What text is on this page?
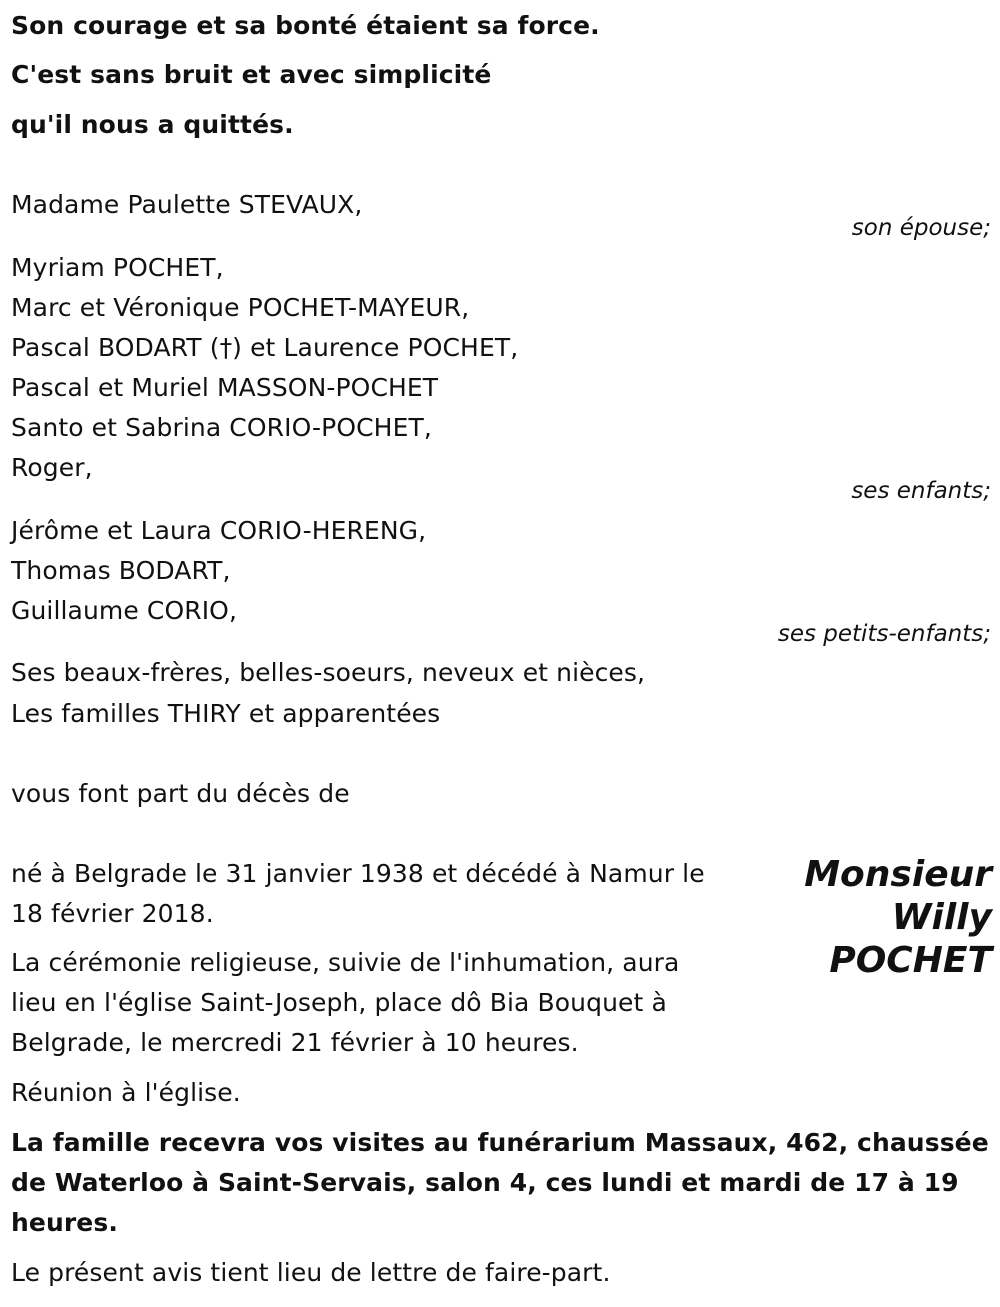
Son courage et sa bonté étaient sa force.
C'est sans bruit et avec simplicité
qu'il nous a quittés.
Madame Paulette STEVAUX,
son épouse;
Myriam POCHET,
Marc et Véronique POCHET-MAYEUR,
Pascal BODART (†) et Laurence POCHET,
Pascal et Muriel MASSON-POCHET
Santo et Sabrina CORIO-POCHET,
Roger,
ses enfants;
Jérôme et Laura CORIO-HERENG,
Thomas BODART,
Guillaume CORIO,
ses petits-enfants;
Ses beaux-frères, belles-soeurs, neveux et nièces,
Les familles THIRY et apparentées
vous font part du décès de
Monsieur
Willy
POCHET
né à Belgrade le 31 janvier 1938 et décédé à Namur le
18 février 2018.
La cérémonie religieuse, suivie de l'inhumation, aura
lieu en l'église Saint-Joseph, place dô Bia Bouquet à
Belgrade, le mercredi 21 février à 10 heures.
Réunion à l'église.
La famille recevra vos visites au funérarium Massaux, 462, chaussée
de Waterloo à Saint-Servais, salon 4, ces lundi et mardi de 17 à 19
heures.
Le présent avis tient lieu de lettre de faire-part.
